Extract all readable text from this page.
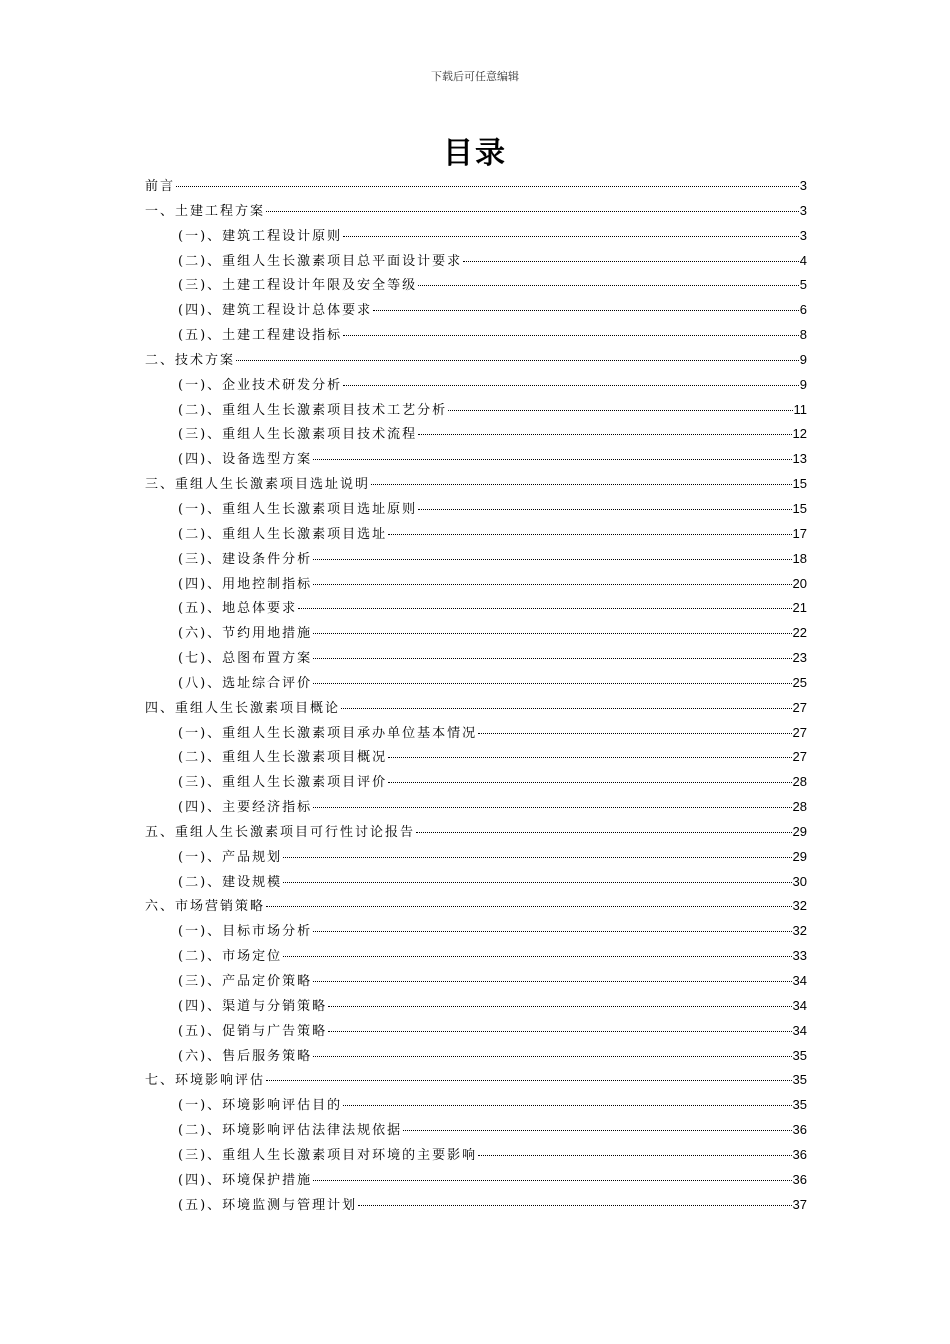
下载后可任意编辑
目录
前言	3
一、土建工程方案	3
(一)、建筑工程设计原则	3
(二)、重组人生长激素项目总平面设计要求	4
(三)、土建工程设计年限及安全等级	5
(四)、建筑工程设计总体要求	6
(五)、土建工程建设指标	8
二、技术方案	9
(一)、企业技术研发分析	9
(二)、重组人生长激素项目技术工艺分析	11
(三)、重组人生长激素项目技术流程	12
(四)、设备选型方案	13
三、重组人生长激素项目选址说明	15
(一)、重组人生长激素项目选址原则	15
(二)、重组人生长激素项目选址	17
(三)、建设条件分析	18
(四)、用地控制指标	20
(五)、地总体要求	21
(六)、节约用地措施	22
(七)、总图布置方案	23
(八)、选址综合评价	25
四、重组人生长激素项目概论	27
(一)、重组人生长激素项目承办单位基本情况	27
(二)、重组人生长激素项目概况	27
(三)、重组人生长激素项目评价	28
(四)、主要经济指标	28
五、重组人生长激素项目可行性讨论报告	29
(一)、产品规划	29
(二)、建设规模	30
六、市场营销策略	32
(一)、目标市场分析	32
(二)、市场定位	33
(三)、产品定价策略	34
(四)、渠道与分销策略	34
(五)、促销与广告策略	34
(六)、售后服务策略	35
七、环境影响评估	35
(一)、环境影响评估目的	35
(二)、环境影响评估法律法规依据	36
(三)、重组人生长激素项目对环境的主要影响	36
(四)、环境保护措施	36
(五)、环境监测与管理计划	37
